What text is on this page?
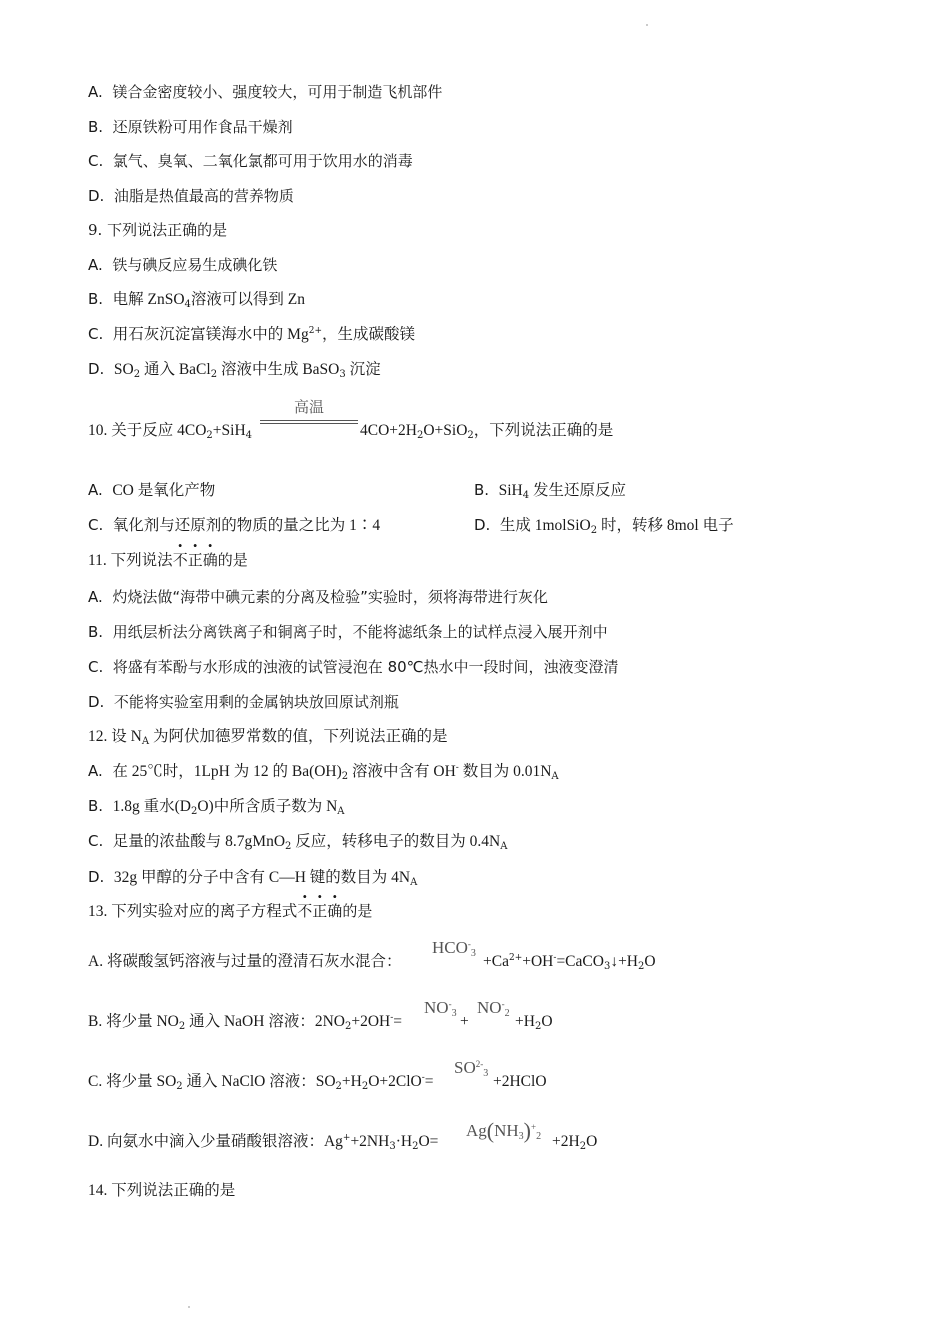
A. 镁合金密度较小、强度较大，可用于制造飞机部件
B. 还原铁粉可用作食品干燥剂
C. 氯气、臭氧、二氧化氯都可用于饮用水的消毒
D. 油脂是热值最高的营养物质
9. 下列说法正确的是
A. 铁与碘反应易生成碘化铁
B. 电解 ZnSO$_4$溶液可以得到 Zn
C. 用石灰沉淀富镁海水中的 $Mg^{2+}$，生成碳酸镁
D. $SO_2$ 通入 BaCl$_2$ 溶液中生成 BaSO$_3$ 沉淀
高温
10. 关于反应 $4CO_2+SiH_4$	$4CO+2H_2O+SiO_2$，下列说法正确的是
A. CO 是氧化产物	B. SiH$_4$ 发生还原反应
C. 氧化剂与还原剂的物质的量之比为 1∶4	D. 生成 1molSiO$_2$ 时，转移 8mol 电子
11. 下列说法不正确的是
A. 灼烧法做“海带中碘元素的分离及检验”实验时，须将海带进行灰化
B. 用纸层析法分离铁离子和铜离子时，不能将滤纸条上的试样点浸入展开剂中
C. 将盛有苯酚与水形成的浊液的试管浸泡在 80℃热水中一段时间，浊液变澄清
D. 不能将实验室用剩的金属钠块放回原试剂瓶
12. 设 $N_A$ 为阿伏加德罗常数的值，下列说法正确的是
A. 在 25℃时，1LpH 为 12 的 $Ba(OH)_2$ 溶液中含有 OH- 数目为 $0.01N_A$
B. 1.8g 重水$(D_2O)$中所含质子数为 $N_A$
C. 足量的浓盐酸与 8.7gMnO$_2$ 反应，转移电子的数目为 $0.4N_A$
D. 32g 甲醇的分子中含有 C—H 键的数目为 $4N_A$
13. 下列实验对应的离子方程式不正确的是
A. 将碳酸氢钙溶液与过量的澄清石灰水混合：
$HCO^-_3$ $+Ca^{2+}+OH^-=CaCO_3↓+H_2O$
B. 将少量 $NO_2$ 通入 NaOH 溶液：$2NO_2+2OH^-=$
$NO^-_3$ +
$NO^-_2 +H_2O$
C. 将少量 $SO_2$ 通入 NaClO 溶液：$SO_2+H_2O+2ClO^-=$
$SO^{2-}_3$ +2HClO
D. 向氨水中滴入少量硝酸银溶液：$Ag^++2NH_3\cdot H_2O=$
$Ag(NH_3)^+_2 +2H_2O$
14. 下列说法正确的是
